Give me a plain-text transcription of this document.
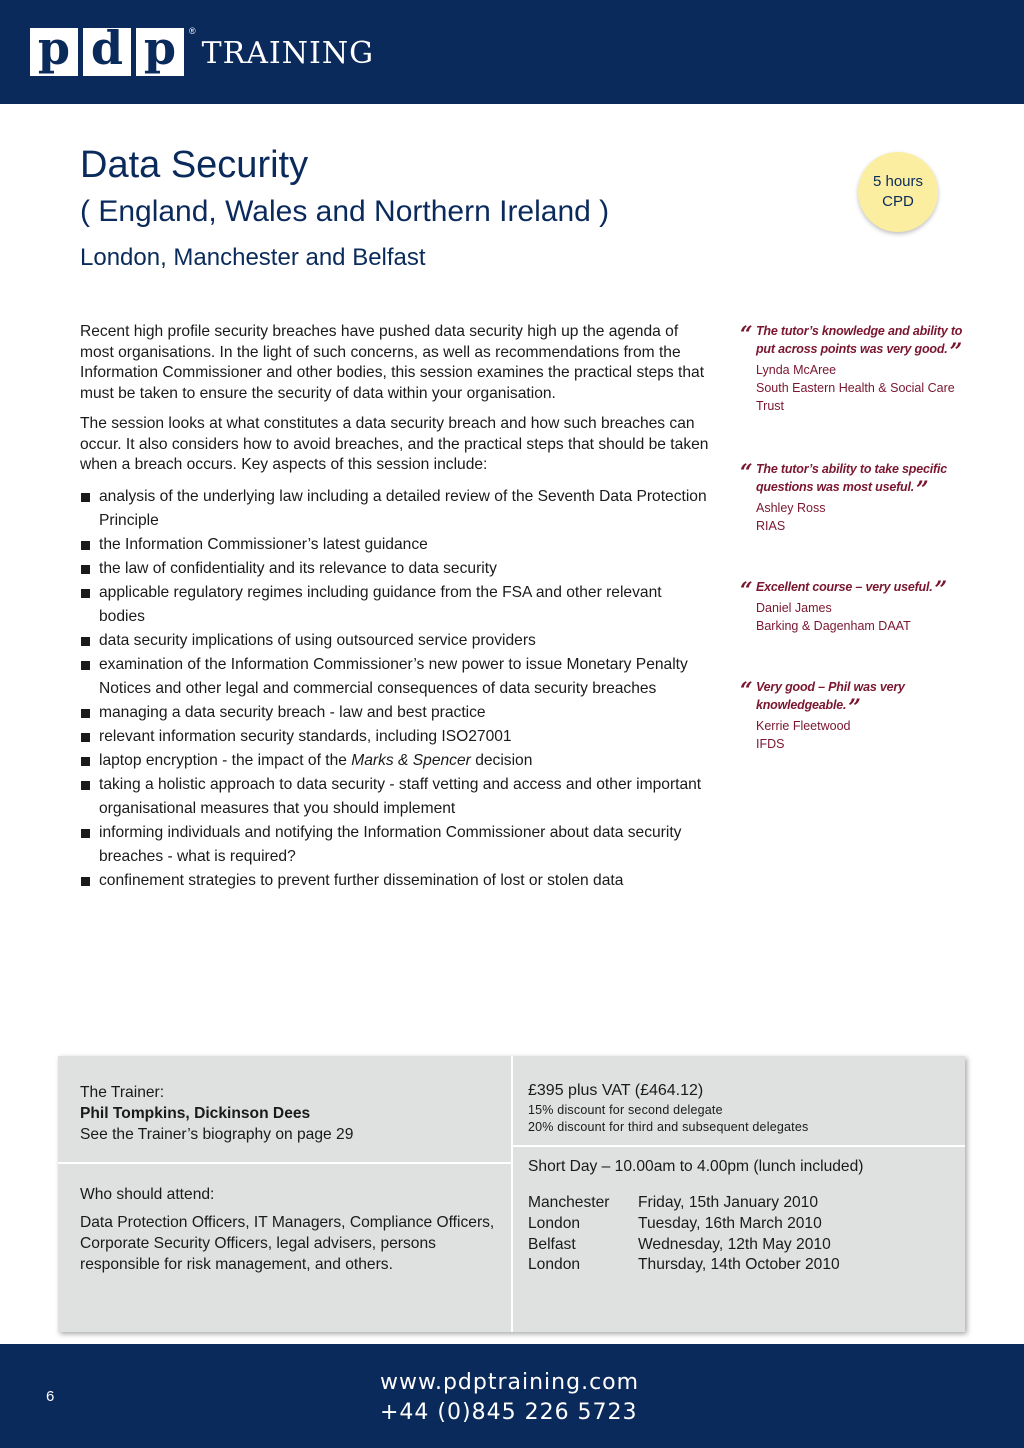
p d p	®
TRAINING
Data Security
( England, Wales and Northern Ireland )
London, Manchester and Belfast
5 hours
CPD

Recent high profile security breaches have pushed data security high up the agenda of most organisations. In the light of such concerns, as well as recommendations from the Information Commissioner and other bodies, this session examines the practical steps that must be taken to ensure the security of data within your organisation.

The session looks at what constitutes a data security breach and how such breaches can occur. It also considers how to avoid breaches, and the practical steps that should be taken when a breach occurs. Key aspects of this session include:

analysis of the underlying law including a detailed review of the Seventh Data Protection Principle
the Information Commissioner’s latest guidance
the law of confidentiality and its relevance to data security
applicable regulatory regimes including guidance from the FSA and other relevant bodies
data security implications of using outsourced service providers
examination of the Information Commissioner’s new power to issue Monetary Penalty Notices and other legal and commercial consequences of data security breaches
managing a data security breach - law and best practice
relevant information security standards, including ISO27001
laptop encryption - the impact of the Marks & Spencer decision
taking a holistic approach to data security - staff vetting and access and other important organisational measures that you should implement
informing individuals and notifying the Information Commissioner about data security breaches - what is required?
confinement strategies to prevent further dissemination of lost or stolen data
“ The tutor’s knowledge and ability to put across points was very good.”
Lynda McAree
South Eastern Health & Social Care Trust
“ The tutor’s ability to take specific questions was most useful.”
Ashley Ross
RIAS
“ Excellent course – very useful.”
Daniel James
Barking & Dagenham DAAT
“ Very good – Phil was very knowledgeable.”
Kerrie Fleetwood
IFDS
The Trainer:
Phil Tompkins, Dickinson Dees
See the Trainer’s biography on page 29
Who should attend:
Data Protection Officers, IT Managers, Compliance Officers, Corporate Security Officers, legal advisers, persons responsible for risk management, and others.
£395 plus VAT (£464.12)
15% discount for second delegate
20% discount for third and subsequent delegates
Short Day – 10.00am to 4.00pm (lunch included)
Manchester	Friday, 15th January 2010
London	Tuesday, 16th March 2010
Belfast	Wednesday, 12th May 2010
London	Thursday, 14th October 2010
6
www.pdptraining.com
+44 (0)845 226 5723
